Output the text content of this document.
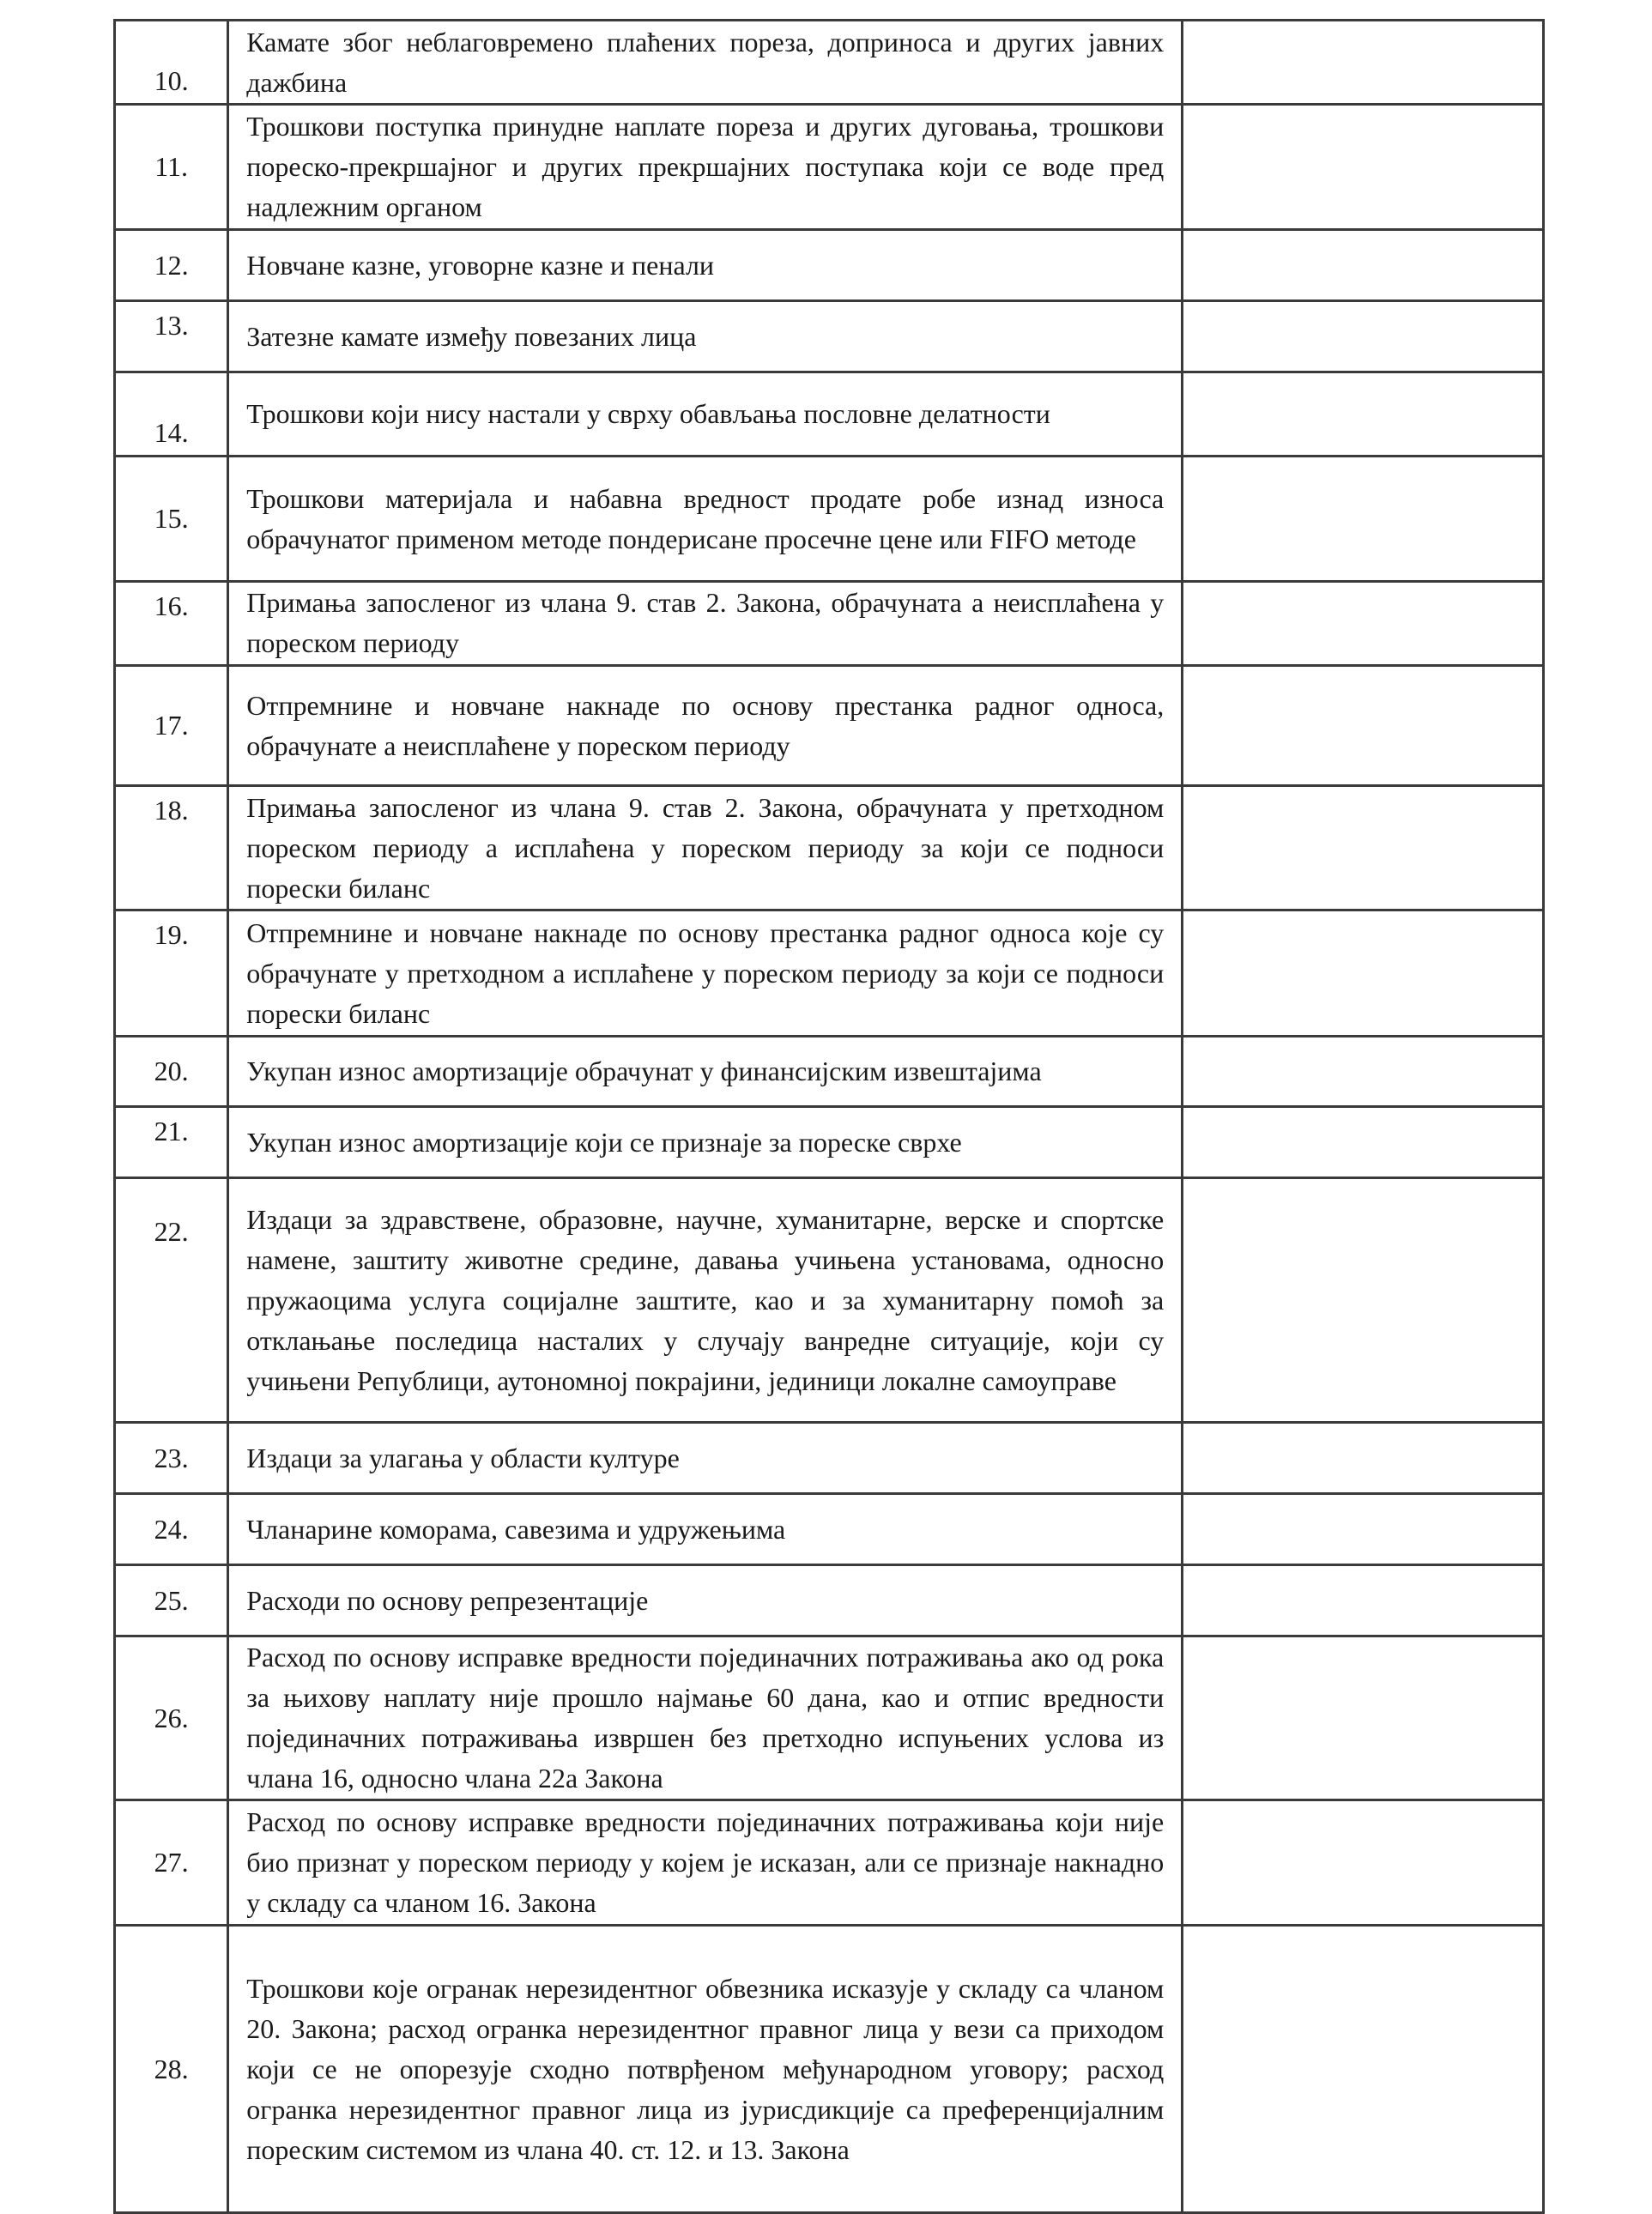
10.	Камате због неблаговремено плаћених пореза, доприноса и других јавних дажбина	
11.	Трошкови поступка принудне наплате пореза и других дуговања, трошкови пореско-прекршајног и других прекршајних поступака који се воде пред надлежним органом	
12.	Новчане казне, уговорне казне и пенали	
13.	Затезне камате између повезаних лица	
14.	Трошкови који нису настали у сврху обављања пословне делатности	
15.	Трошкови материјала и набавна вредност продате робе изнад износа обрачунатог применом методе пондерисане просечне цене или FIFO методе	
16.	Примања запосленог из члана 9. став 2. Закона, обрачуната а неисплаћена у пореском периоду	
17.	Отпремнине и новчане накнаде по основу престанка радног односа, обрачунате а неисплаћене у пореском периоду	
18.	Примања запосленог из члана 9. став 2. Закона, обрачуната у претходном пореском периоду а исплаћена у пореском периоду за који се подноси порески биланс	
19.	Отпремнине и новчане накнаде по основу престанка радног односа које су обрачунате у претходном а исплаћене у пореском периоду за који се подноси порески биланс	
20.	Укупан износ амортизације обрачунат у финансијским извештајима	
21.	Укупан износ амортизације који се признаје за пореске сврхе	
22.	Издаци за здравствене, образовне, научне, хуманитарне, верске и спортске намене, заштиту животне средине, давања учињена установама, односно пружаоцима услуга социјалне заштите, као и за хуманитарну помоћ за отклањање последица насталих у случају ванредне ситуације, који су учињени Републици, аутономној покрајини, јединици локалне самоуправе	
23.	Издаци за улагања у области културе	
24.	Чланарине коморама, савезима и удружењима	
25.	Расходи по основу репрезентације	
26.	Расход по основу исправке вредности појединачних потраживања ако од рока за њихову наплату није прошло најмање 60 дана, као и отпис вредности појединачних потраживања извршен без претходно испуњених услова из члана 16, односно члана 22а Закона	
27.	Расход по основу исправке вредности појединачних потраживања који није био признат у пореском периоду у којем је исказан, али се признаје накнадно у складу са чланом 16. Закона	
28.	Трошкови које огранак нерезидентног обвезника исказује у складу са чланом 20. Закона; расход огранка нерезидентног правног лица у вези са приходом који се не опорезује сходно потврђеном међународном уговору; расход огранка нерезидентног правног лица из јурисдикције са преференцијалним пореским системом из члана 40. ст. 12. и 13. Закона	
